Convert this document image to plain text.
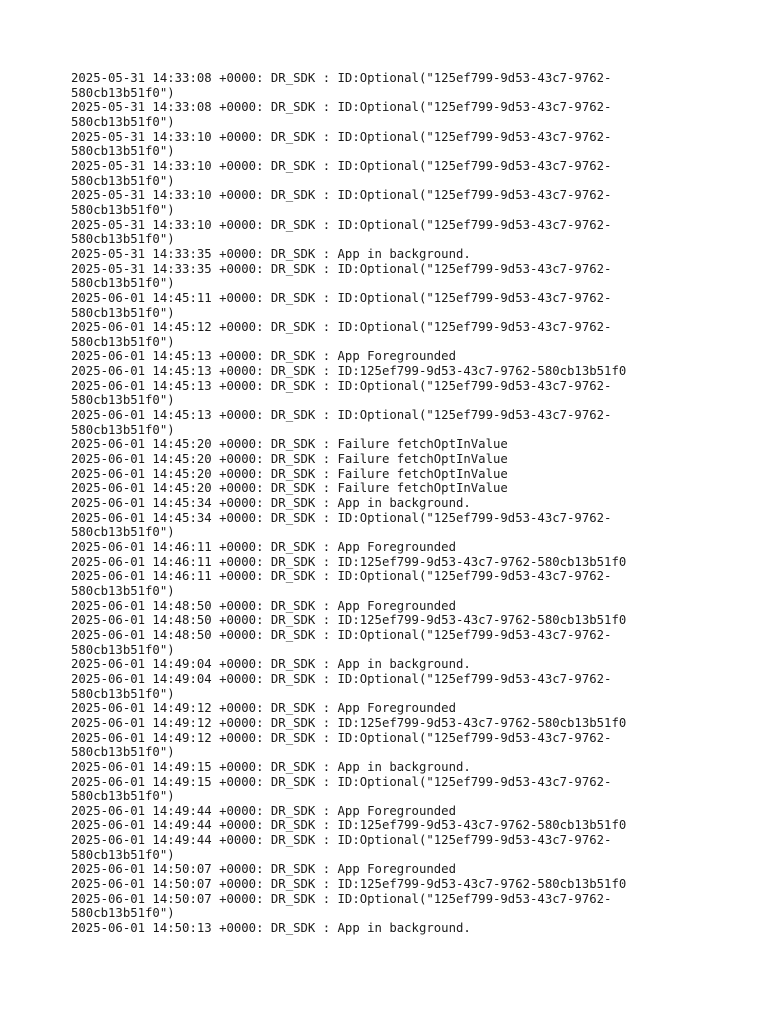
2025-05-31 14:33:08 +0000: DR_SDK : ID:Optional("125ef799-9d53-43c7-9762-
580cb13b51f0")
2025-05-31 14:33:08 +0000: DR_SDK : ID:Optional("125ef799-9d53-43c7-9762-
580cb13b51f0")
2025-05-31 14:33:10 +0000: DR_SDK : ID:Optional("125ef799-9d53-43c7-9762-
580cb13b51f0")
2025-05-31 14:33:10 +0000: DR_SDK : ID:Optional("125ef799-9d53-43c7-9762-
580cb13b51f0")
2025-05-31 14:33:10 +0000: DR_SDK : ID:Optional("125ef799-9d53-43c7-9762-
580cb13b51f0")
2025-05-31 14:33:10 +0000: DR_SDK : ID:Optional("125ef799-9d53-43c7-9762-
580cb13b51f0")
2025-05-31 14:33:35 +0000: DR_SDK : App in background.
2025-05-31 14:33:35 +0000: DR_SDK : ID:Optional("125ef799-9d53-43c7-9762-
580cb13b51f0")
2025-06-01 14:45:11 +0000: DR_SDK : ID:Optional("125ef799-9d53-43c7-9762-
580cb13b51f0")
2025-06-01 14:45:12 +0000: DR_SDK : ID:Optional("125ef799-9d53-43c7-9762-
580cb13b51f0")
2025-06-01 14:45:13 +0000: DR_SDK : App Foregrounded
2025-06-01 14:45:13 +0000: DR_SDK : ID:125ef799-9d53-43c7-9762-580cb13b51f0
2025-06-01 14:45:13 +0000: DR_SDK : ID:Optional("125ef799-9d53-43c7-9762-
580cb13b51f0")
2025-06-01 14:45:13 +0000: DR_SDK : ID:Optional("125ef799-9d53-43c7-9762-
580cb13b51f0")
2025-06-01 14:45:20 +0000: DR_SDK : Failure fetchOptInValue
2025-06-01 14:45:20 +0000: DR_SDK : Failure fetchOptInValue
2025-06-01 14:45:20 +0000: DR_SDK : Failure fetchOptInValue
2025-06-01 14:45:20 +0000: DR_SDK : Failure fetchOptInValue
2025-06-01 14:45:34 +0000: DR_SDK : App in background.
2025-06-01 14:45:34 +0000: DR_SDK : ID:Optional("125ef799-9d53-43c7-9762-
580cb13b51f0")
2025-06-01 14:46:11 +0000: DR_SDK : App Foregrounded
2025-06-01 14:46:11 +0000: DR_SDK : ID:125ef799-9d53-43c7-9762-580cb13b51f0
2025-06-01 14:46:11 +0000: DR_SDK : ID:Optional("125ef799-9d53-43c7-9762-
580cb13b51f0")
2025-06-01 14:48:50 +0000: DR_SDK : App Foregrounded
2025-06-01 14:48:50 +0000: DR_SDK : ID:125ef799-9d53-43c7-9762-580cb13b51f0
2025-06-01 14:48:50 +0000: DR_SDK : ID:Optional("125ef799-9d53-43c7-9762-
580cb13b51f0")
2025-06-01 14:49:04 +0000: DR_SDK : App in background.
2025-06-01 14:49:04 +0000: DR_SDK : ID:Optional("125ef799-9d53-43c7-9762-
580cb13b51f0")
2025-06-01 14:49:12 +0000: DR_SDK : App Foregrounded
2025-06-01 14:49:12 +0000: DR_SDK : ID:125ef799-9d53-43c7-9762-580cb13b51f0
2025-06-01 14:49:12 +0000: DR_SDK : ID:Optional("125ef799-9d53-43c7-9762-
580cb13b51f0")
2025-06-01 14:49:15 +0000: DR_SDK : App in background.
2025-06-01 14:49:15 +0000: DR_SDK : ID:Optional("125ef799-9d53-43c7-9762-
580cb13b51f0")
2025-06-01 14:49:44 +0000: DR_SDK : App Foregrounded
2025-06-01 14:49:44 +0000: DR_SDK : ID:125ef799-9d53-43c7-9762-580cb13b51f0
2025-06-01 14:49:44 +0000: DR_SDK : ID:Optional("125ef799-9d53-43c7-9762-
580cb13b51f0")
2025-06-01 14:50:07 +0000: DR_SDK : App Foregrounded
2025-06-01 14:50:07 +0000: DR_SDK : ID:125ef799-9d53-43c7-9762-580cb13b51f0
2025-06-01 14:50:07 +0000: DR_SDK : ID:Optional("125ef799-9d53-43c7-9762-
580cb13b51f0")
2025-06-01 14:50:13 +0000: DR_SDK : App in background.
